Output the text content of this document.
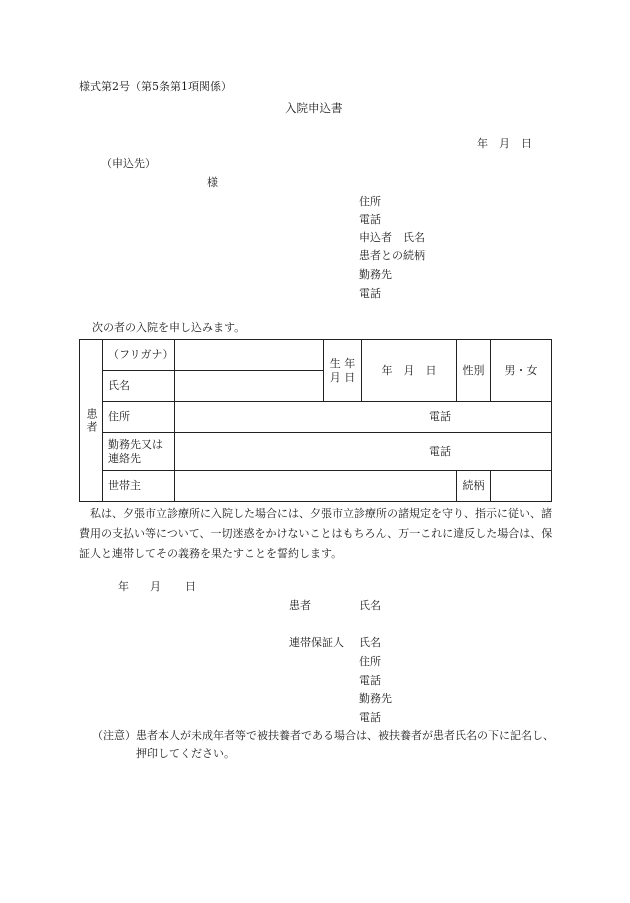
様式第2号（第5条第1項関係）
入院申込書
年　月　日
（申込先）
様
住所
電話
申込者　氏名
患者との続柄
勤務先
電話
次の者の入院を申し込みます。
患者	（フリガナ）		生 年 月 日	年　月　日	性別	男・女
	氏名					
	住所	電話				

	勤務先又は連絡先	電話				
	世帯主				続柄	
私は、夕張市立診療所に入院した場合には、夕張市立診療所の諸規定を守り、指示に従い、諸費用の支払い等について、一切迷惑をかけないことはもちろん、万一これに違反した場合は、保証人と連帯してその義務を果たすことを誓約します。
年 月 日
患者	氏名
連帯保証人 氏名
住所
電話
勤務先
電話
（注意） 患者本人が未成年者等で被扶養者である場合は、被扶養者が患者氏名の下に記名し、押印してください。
